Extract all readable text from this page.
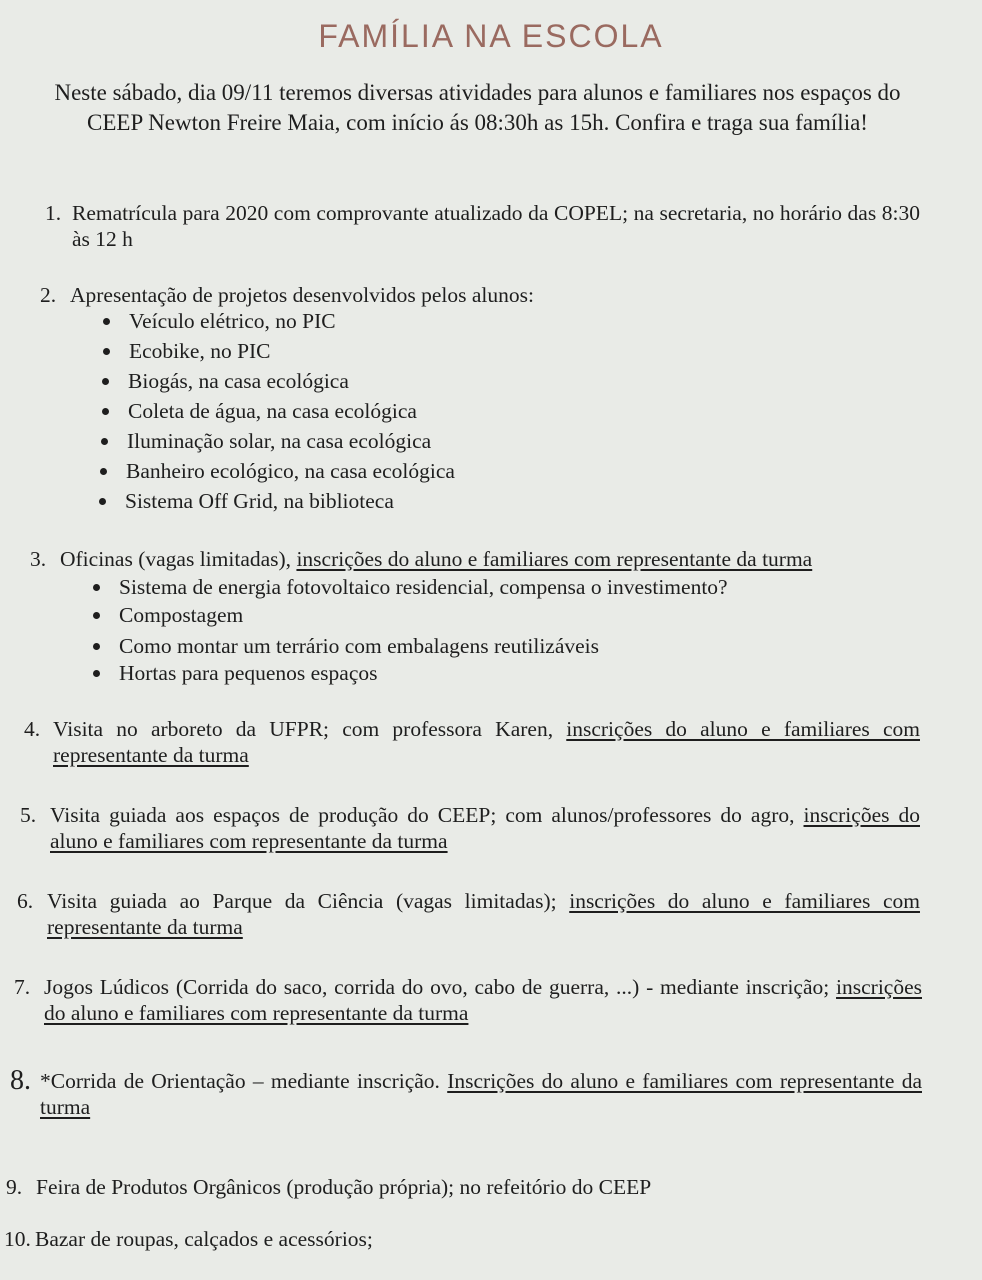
FAMÍLIA NA ESCOLA
Neste sábado, dia 09/11 teremos diversas atividades para alunos e familiares nos espaços do CEEP Newton Freire Maia, com início ás 08:30h as 15h. Confira e traga sua família!
1. Rematrícula para 2020 com comprovante atualizado da COPEL; na secretaria, no horário das 8:30 às 12 h
2. Apresentação de projetos desenvolvidos pelos alunos:
Veículo elétrico, no PIC
Ecobike, no PIC
Biogás, na casa ecológica
Coleta de água, na casa ecológica
Iluminação solar, na casa ecológica
Banheiro ecológico, na casa ecológica
Sistema Off Grid, na biblioteca
3. Oficinas (vagas limitadas), inscrições do aluno e familiares com representante da turma
Sistema de energia fotovoltaico residencial, compensa o investimento?
Compostagem
Como montar um terrário com embalagens reutilizáveis
Hortas para pequenos espaços
4. Visita no arboreto da UFPR; com professora Karen, inscrições do aluno e familiares com representante da turma
5. Visita guiada aos espaços de produção do CEEP; com alunos/professores do agro, inscrições do aluno e familiares com representante da turma
6. Visita guiada ao Parque da Ciência (vagas limitadas); inscrições do aluno e familiares com representante da turma
7. Jogos Lúdicos (Corrida do saco, corrida do ovo, cabo de guerra, ...) - mediante inscrição; inscrições do aluno e familiares com representante da turma
8. *Corrida de Orientação – mediante inscrição. Inscrições do aluno e familiares com representante da turma
9. Feira de Produtos Orgânicos (produção própria); no refeitório do CEEP
10. Bazar de roupas, calçados e acessórios;
